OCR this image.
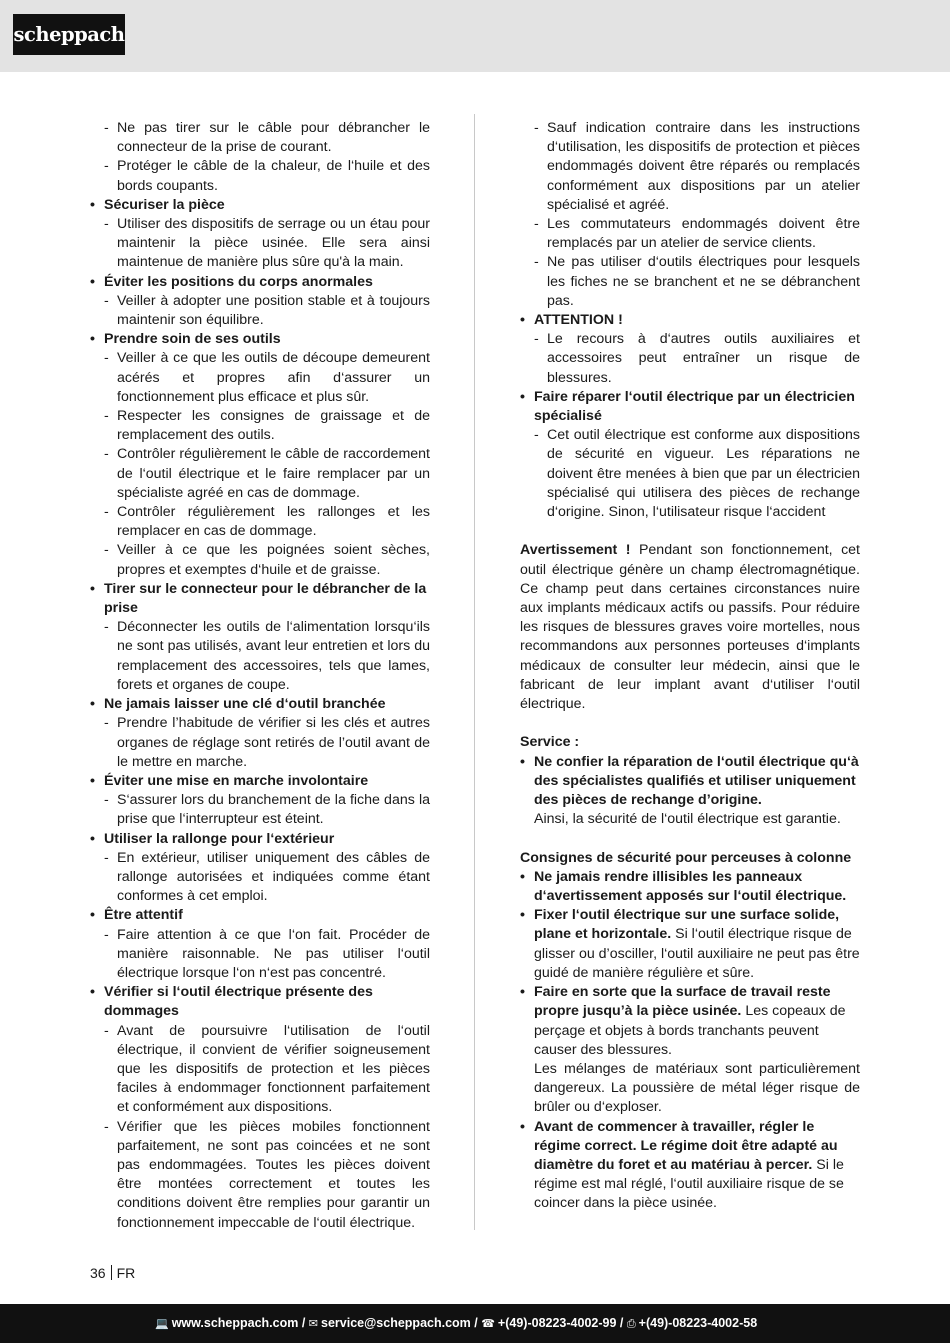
scheppach

- Ne pas tirer sur le câble pour débrancher le connecteur de la prise de courant.

- Protéger le câble de la chaleur, de l‘huile et des bords coupants.

• Sécuriser la pièce

- Utiliser des dispositifs de serrage ou un étau pour maintenir la pièce usinée. Elle sera ainsi maintenue de manière plus sûre qu'à la main.

• Éviter les positions du corps anormales

- Veiller à adopter une position stable et à toujours maintenir son équilibre.

• Prendre soin de ses outils

- Veiller à ce que les outils de découpe demeurent acérés et propres afin d‘assurer un fonctionnement plus efficace et plus sûr.

- Respecter les consignes de graissage et de remplacement des outils.

- Contrôler régulièrement le câble de raccordement de l‘outil électrique et le faire remplacer par un spécialiste agréé en cas de dommage.

- Contrôler régulièrement les rallonges et les remplacer en cas de dommage.

- Veiller à ce que les poignées soient sèches, propres et exemptes d‘huile et de graisse.

• Tirer sur le connecteur pour le débrancher de la prise

- Déconnecter les outils de l‘alimentation lorsqu‘ils ne sont pas utilisés, avant leur entretien et lors du remplacement des accessoires, tels que lames, forets et organes de coupe.

• Ne jamais laisser une clé d‘outil branchée

- Prendre l’habitude de vérifier si les clés et autres organes de réglage sont retirés de l’outil avant de le mettre en marche.

• Éviter une mise en marche involontaire

- S‘assurer lors du branchement de la fiche dans la prise que l‘interrupteur est éteint.

• Utiliser la rallonge pour l‘extérieur

- En extérieur, utiliser uniquement des câbles de rallonge autorisées et indiquées comme étant conformes à cet emploi.

• Être attentif

- Faire attention à ce que l‘on fait. Procéder de manière raisonnable. Ne pas utiliser l‘outil électrique lorsque l‘on n‘est pas concentré.

• Vérifier si l‘outil électrique présente des dommages

- Avant de poursuivre l‘utilisation de l‘outil électrique, il convient de vérifier soigneusement que les dispositifs de protection et les pièces faciles à endommager fonctionnent parfaitement et conformément aux dispositions.

- Vérifier que les pièces mobiles fonctionnent parfaitement, ne sont pas coincées et ne sont pas endommagées. Toutes les pièces doivent être montées correctement et toutes les conditions doivent être remplies pour garantir un fonctionnement impeccable de l‘outil électrique.

- Sauf indication contraire dans les instructions d‘utilisation, les dispositifs de protection et pièces endommagés doivent être réparés ou remplacés conformément aux dispositions par un atelier spécialisé et agréé.

- Les commutateurs endommagés doivent être remplacés par un atelier de service clients.

- Ne pas utiliser d‘outils électriques pour lesquels les fiches ne se branchent et ne se débranchent pas.

• ATTENTION !

- Le recours à d‘autres outils auxiliaires et accessoires peut entraîner un risque de blessures.

• Faire réparer l‘outil électrique par un électricien spécialisé

- Cet outil électrique est conforme aux dispositions de sécurité en vigueur. Les réparations ne doivent être menées à bien que par un électricien spécialisé qui utilisera des pièces de rechange d‘origine. Sinon, l‘utilisateur risque l‘accident

Avertissement ! Pendant son fonctionnement, cet outil électrique génère un champ électromagnétique. Ce champ peut dans certaines circonstances nuire aux implants médicaux actifs ou passifs. Pour réduire les risques de blessures graves voire mortelles, nous recommandons aux personnes porteuses d‘implants médicaux de consulter leur médecin, ainsi que le fabricant de leur implant avant d‘utiliser l‘outil électrique.

Service :

• Ne confier la réparation de l‘outil électrique qu‘à des spécialistes qualifiés et utiliser uniquement des pièces de rechange d’origine.

Ainsi, la sécurité de l‘outil électrique est garantie.

Consignes de sécurité pour perceuses à colonne

• Ne jamais rendre illisibles les panneaux d‘avertissement apposés sur l‘outil électrique.

• Fixer l‘outil électrique sur une surface solide, plane et horizontale. Si l‘outil électrique risque de glisser ou d’osciller, l‘outil auxiliaire ne peut pas être guidé de manière régulière et sûre.

• Faire en sorte que la surface de travail reste propre jusqu’à la pièce usinée. Les copeaux de perçage et objets à bords tranchants peuvent causer des blessures.

Les mélanges de matériaux sont particulièrement dangereux. La poussière de métal léger risque de brûler ou d‘exploser.

• Avant de commencer à travailler, régler le régime correct. Le régime doit être adapté au diamètre du foret et au matériau à percer. Si le régime est mal réglé, l‘outil auxiliaire risque de se coincer dans la pièce usinée.

36 FR
💻 www.scheppach.com / ✉ service@scheppach.com / ☎ +(49)-08223-4002-99 / ⎙ +(49)-08223-4002-58
